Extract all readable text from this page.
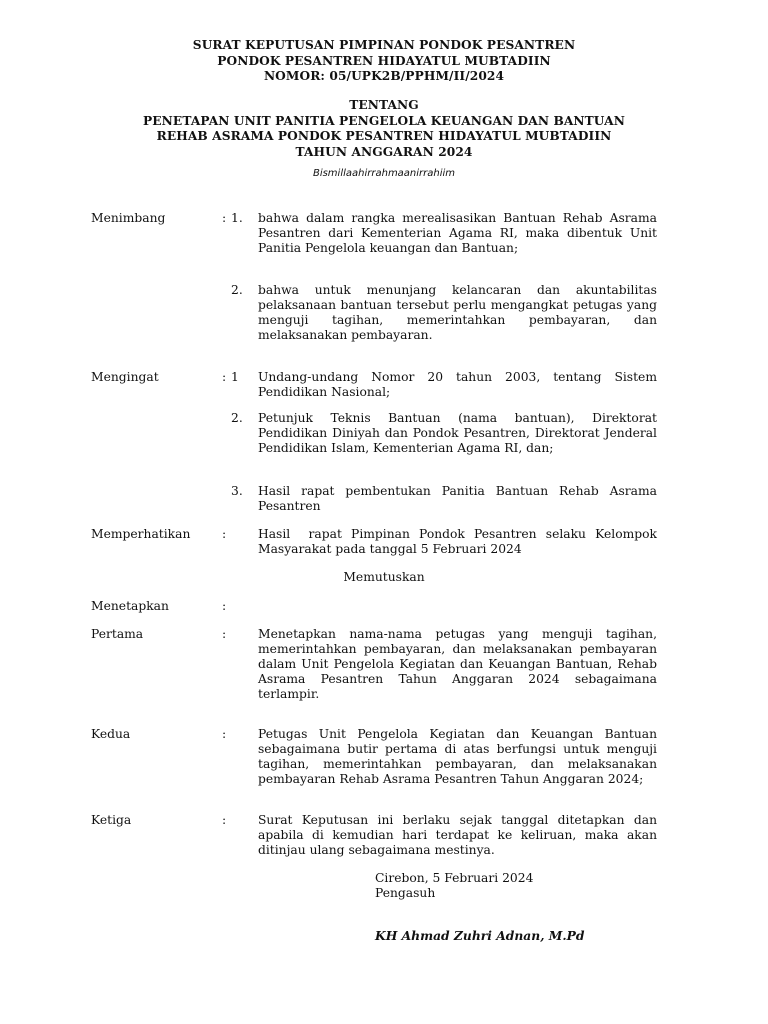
SURAT KEPUTUSAN PIMPINAN PONDOK PESANTREN
PONDOK PESANTREN HIDAYATUL MUBTADIIN
NOMOR: 05/UPK2B/PPHM/II/2024
TENTANG
PENETAPAN UNIT PANITIA PENGELOLA KEUANGAN DAN BANTUAN
REHAB ASRAMA PONDOK PESANTREN HIDAYATUL MUBTADIIN
TAHUN ANGGARAN 2024
Bismillaahirrahmaanirrahiim
Menimbang	: 1. bahwa dalam rangka merealisasikan Bantuan Rehab Asrama Pesantren dari Kementerian Agama RI, maka dibentuk Unit Panitia Pengelola keuangan dan Bantuan;
2. bahwa untuk menunjang kelancaran dan akuntabilitas pelaksanaan bantuan tersebut perlu mengangkat petugas yang menguji tagihan, memerintahkan pembayaran, dan melaksanakan pembayaran.
Mengingat	: 1 Undang-undang Nomor 20 tahun 2003, tentang Sistem Pendidikan Nasional;
2. Petunjuk Teknis Bantuan (nama bantuan), Direktorat Pendidikan Diniyah dan Pondok Pesantren, Direktorat Jenderal Pendidikan Islam, Kementerian Agama RI, dan;
3. Hasil rapat pembentukan Panitia Bantuan Rehab Asrama Pesantren
Memperhatikan	:	Hasil  rapat Pimpinan Pondok Pesantren selaku Kelompok Masyarakat pada tanggal 5 Februari 2024
Memutuskan
Menetapkan	:
Pertama	:	Menetapkan nama-nama petugas yang menguji tagihan, memerintahkan pembayaran, dan melaksanakan pembayaran dalam Unit Pengelola Kegiatan dan Keuangan Bantuan, Rehab Asrama Pesantren Tahun Anggaran 2024 sebagaimana terlampir.
Kedua	:	Petugas Unit Pengelola Kegiatan dan Keuangan Bantuan sebagaimana butir pertama di atas berfungsi untuk menguji tagihan, memerintahkan pembayaran, dan melaksanakan pembayaran Rehab Asrama Pesantren Tahun Anggaran 2024;
Ketiga	:	Surat Keputusan ini berlaku sejak tanggal ditetapkan dan apabila di kemudian hari terdapat ke keliruan, maka akan ditinjau ulang sebagaimana mestinya.
Cirebon, 5 Februari 2024
Pengasuh
KH Ahmad Zuhri Adnan, M.Pd
